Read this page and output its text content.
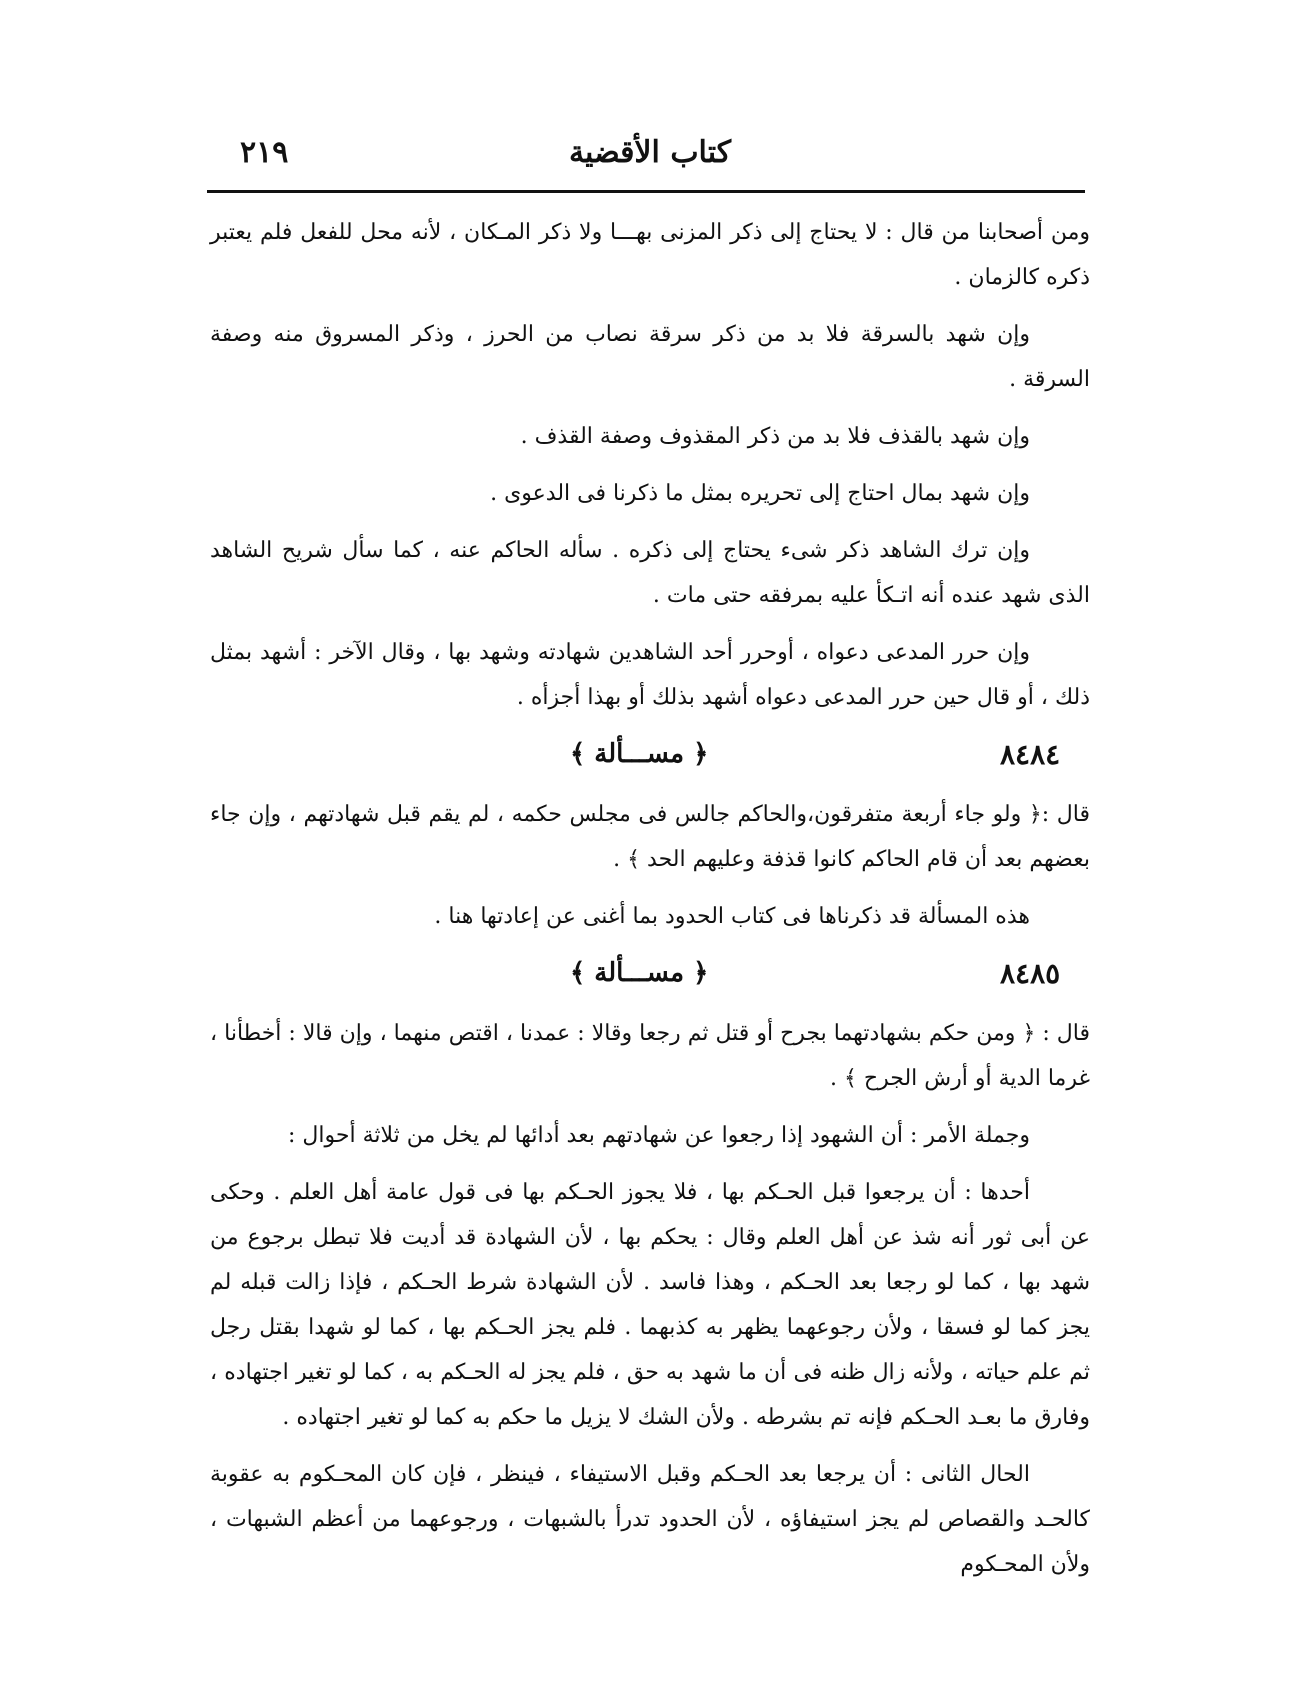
٢١٩	كتاب الأقضية

ومن أصحابنا من قال : لا يحتاج إلى ذكر المزنى بهـــا ولا ذكر المـكان ، لأنه محل للفعل فلم يعتبر ذكره كالزمان .

وإن شهد بالسرقة فلا بد من ذكر سرقة نصاب من الحرز ، وذكر المسروق منه وصفة السرقة .

وإن شهد بالقذف فلا بد من ذكر المقذوف وصفة القذف .

وإن شهد بمال احتاج إلى تحريره بمثل ما ذكرنا فى الدعوى .

وإن ترك الشاهد ذكر شىء يحتاج إلى ذكره . سأله الحاكم عنه ، كما سأل شريح الشاهد الذى شهد عنده أنه اتـكأ عليه بمرفقه حتى مات .

وإن حرر المدعى دعواه ، أوحرر أحد الشاهدين شهادته وشهد بها ، وقال الآخر : أشهد بمثل ذلك ، أو قال حين حرر المدعى دعواه أشهد بذلك أو بهذا أجزأه .

٨٤٨٤
﴿ مســـألة ﴾

قال :﴿ ولو جاء أربعة متفرقون،والحاكم جالس فى مجلس حكمه ، لم يقم قبل شهادتهم ، وإن جاء بعضهم بعد أن قام الحاكم كانوا قذفة وعليهم الحد ﴾ .

هذه المسألة قد ذكرناها فى كتاب الحدود بما أغنى عن إعادتها هنا .

٨٤٨٥
﴿ مســـألة ﴾

قال : ﴿ ومن حكم بشهادتهما بجرح أو قتل ثم رجعا وقالا : عمدنا ، اقتص منهما ، وإن قالا : أخطأنا ، غرما الدية أو أرش الجرح ﴾ .

وجملة الأمر : أن الشهود إذا رجعوا عن شهادتهم بعد أدائها لم يخل من ثلاثة أحوال :

أحدها : أن يرجعوا قبل الحـكم بها ، فلا يجوز الحـكم بها فى قول عامة أهل العلم . وحكى عن أبى ثور أنه شذ عن أهل العلم وقال : يحكم بها ، لأن الشهادة قد أديت فلا تبطل برجوع من شهد بها ، كما لو رجعا بعد الحـكم ، وهذا فاسد . لأن الشهادة شرط الحـكم ، فإذا زالت قبله لم يجز كما لو فسقا ، ولأن رجوعهما يظهر به كذبهما . فلم يجز الحـكم بها ، كما لو شهدا بقتل رجل ثم علم حياته ، ولأنه زال ظنه فى أن ما شهد به حق ، فلم يجز له الحـكم به ، كما لو تغير اجتهاده ، وفارق ما بعـد الحـكم فإنه تم بشرطه . ولأن الشك لا يزيل ما حكم به كما لو تغير اجتهاده .

الحال الثانى : أن يرجعا بعد الحـكم وقبل الاستيفاء ، فينظر ، فإن كان المحـكوم به عقوبة كالحـد والقصاص لم يجز استيفاؤه ، لأن الحدود تدرأ بالشبهات ، ورجوعهما من أعظم الشبهات ، ولأن المحـكوم
